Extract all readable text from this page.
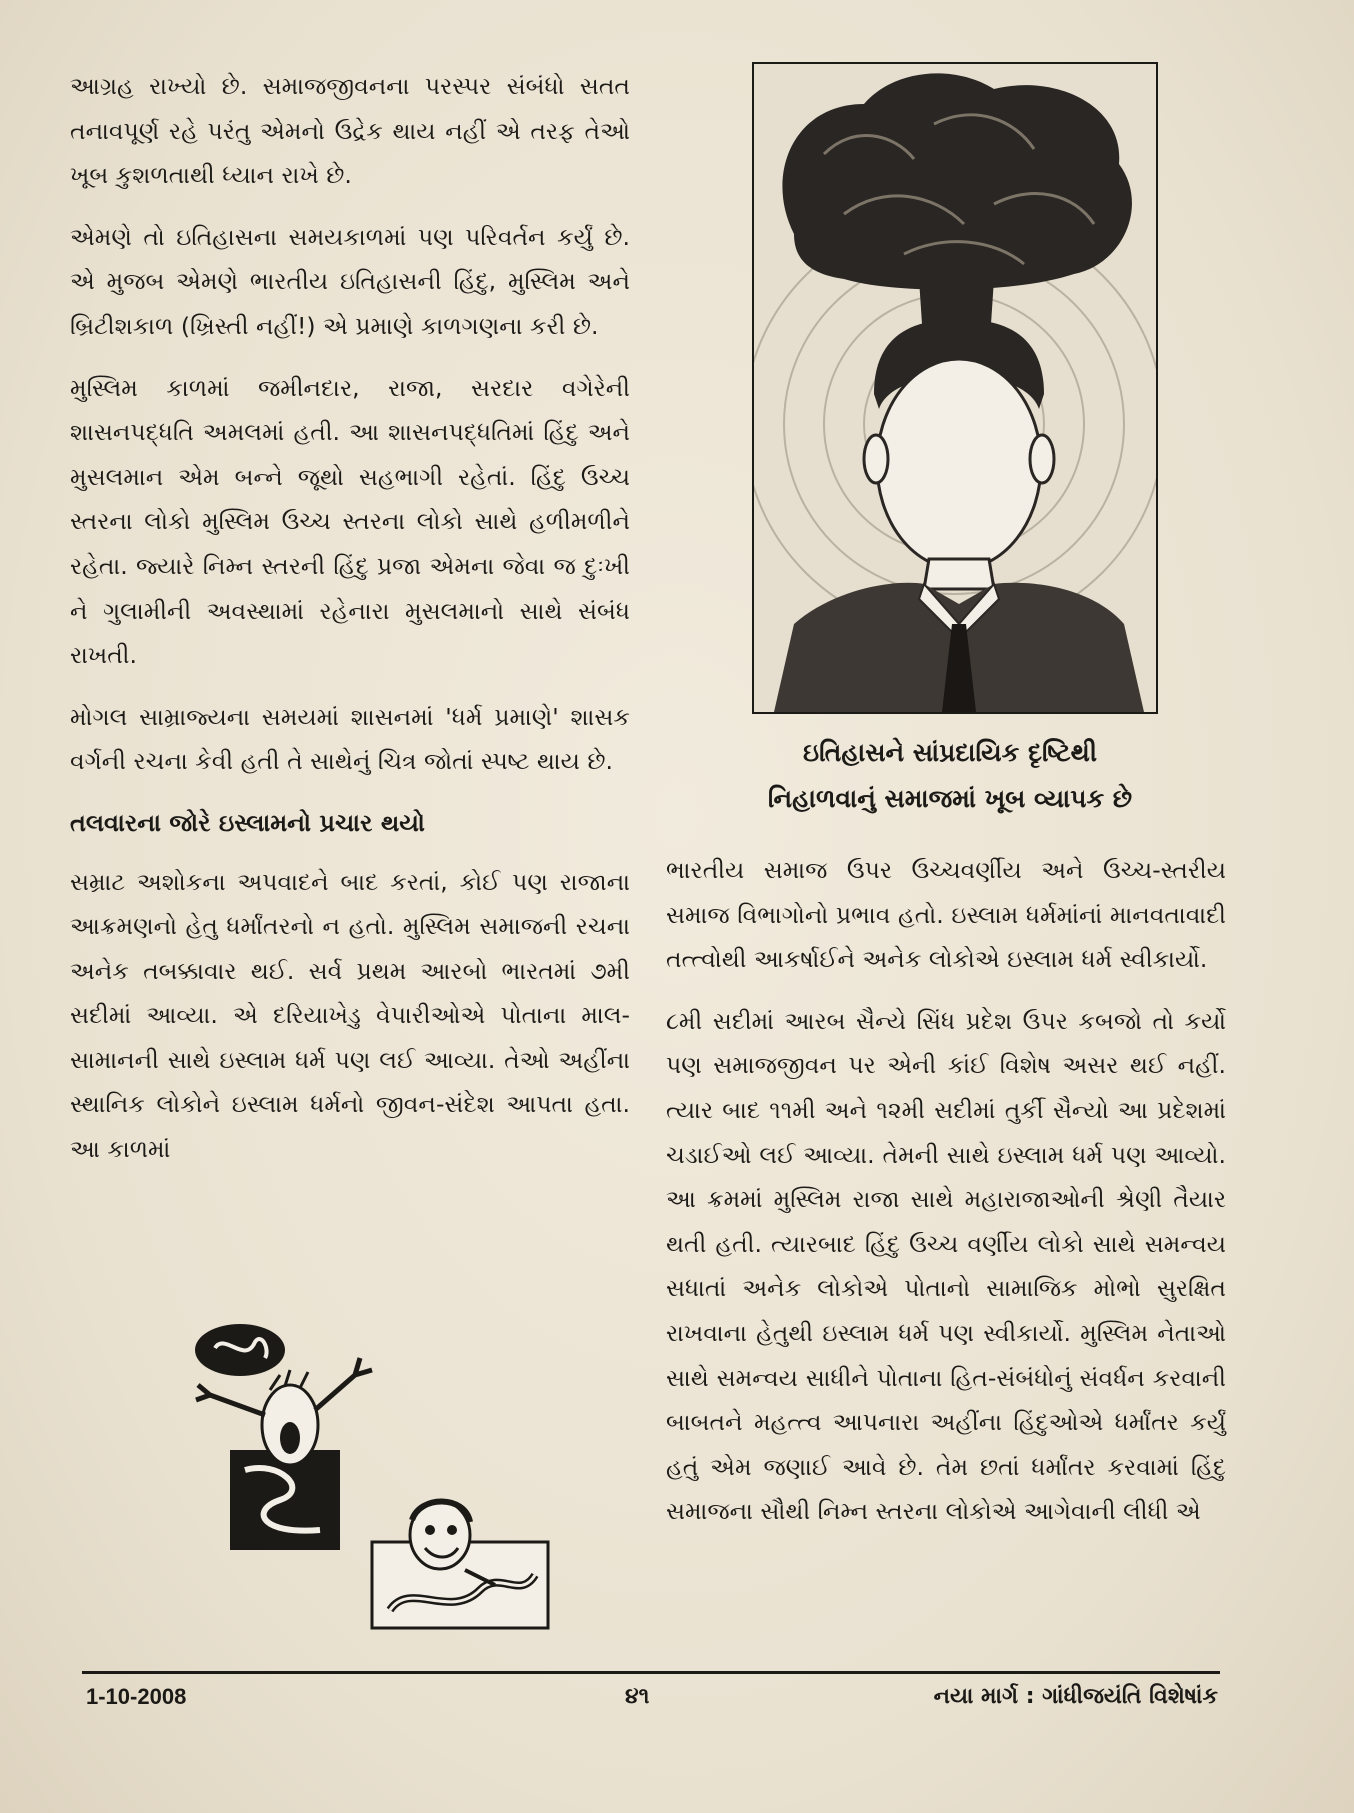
આગ્રહ રાખ્યો છે. સમાજજીવનના પરસ્પર સંબંધો સતત તનાવપૂર્ણ રહે પરંતુ એમનો ઉદ્રેક થાય નહીં એ તરફ તેઓ ખૂબ કુશળતાથી ધ્યાન રાખે છે.

એમણે તો ઇતિહાસના સમયકાળમાં પણ પરિવર્તન કર્યું છે. એ મુજબ એમણે ભારતીય ઇતિહાસની હિંદુ, મુસ્લિમ અને બ્રિટીશકાળ (ખ્રિસ્તી નહીં!) એ પ્રમાણે કાળગણના કરી છે.

મુસ્લિમ કાળમાં જમીનદાર, રાજા, સરદાર વગેરેની શાસનપદ્ધતિ અમલમાં હતી. આ શાસનપદ્ધતિમાં હિંદુ અને મુસલમાન એમ બન્ને જૂથો સહભાગી રહેતાં. હિંદુ ઉચ્ચ સ્તરના લોકો મુસ્લિમ ઉચ્ચ સ્તરના લોકો સાથે હળીમળીને રહેતા. જ્યારે નિમ્ન સ્તરની હિંદુ પ્રજા એમના જેવા જ દુઃખી ને ગુલામીની અવસ્થામાં રહેનારા મુસલમાનો સાથે સંબંધ રાખતી.

મોગલ સામ્રાજ્યના સમયમાં શાસનમાં 'ધર્મ પ્રમાણે' શાસક વર્ગની રચના કેવી હતી તે સાથેનું ચિત્ર જોતાં સ્પષ્ટ થાય છે.

તલવારના જોરે ઇસ્લામનો પ્રચાર થયો

સમ્રાટ અશોકના અપવાદને બાદ કરતાં, કોઈ પણ રાજાના આક્રમણનો હેતુ ધર્માંતરનો ન હતો. મુસ્લિમ સમાજની રચના અનેક તબક્કાવાર થઈ. સર્વ પ્રથમ આરબો ભારતમાં ૭મી સદીમાં આવ્યા. એ દરિયાખેડુ વેપારીઓએ પોતાના માલ-સામાનની સાથે ઇસ્લામ ધર્મ પણ લઈ આવ્યા. તેઓ અહીંના સ્થાનિક લોકોને ઇસ્લામ ધર્મનો જીવન-સંદેશ આપતા હતા. આ કાળમાં

ઇતિહાસને સાંપ્રદાયિક દૃષ્ટિથી
નિહાળવાનું સમાજમાં ખૂબ વ્યાપક છે

ભારતીય સમાજ ઉપર ઉચ્ચવર્ણીય અને ઉચ્ચ-સ્તરીય સમાજ વિભાગોનો પ્રભાવ હતો. ઇસ્લામ ધર્મમાંનાં માનવતાવાદી તત્ત્વોથી આકર્ષાઈને અનેક લોકોએ ઇસ્લામ ધર્મ સ્વીકાર્યો.

૮મી સદીમાં આરબ સૈન્યે સિંધ પ્રદેશ ઉપર કબજો તો કર્યો પણ સમાજજીવન પર એની કાંઈ વિશેષ અસર થઈ નહીં. ત્યાર બાદ ૧૧મી અને ૧૨મી સદીમાં તુર્કી સૈન્યો આ પ્રદેશમાં ચડાઈઓ લઈ આવ્યા. તેમની સાથે ઇસ્લામ ધર્મ પણ આવ્યો. આ ક્રમમાં મુસ્લિમ રાજા સાથે મહારાજાઓની શ્રેણી તૈયાર થતી હતી. ત્યારબાદ હિંદુ ઉચ્ચ વર્ણીય લોકો સાથે સમન્વય સધાતાં અનેક લોકોએ પોતાનો સામાજિક મોભો સુરક્ષિત રાખવાના હેતુથી ઇસ્લામ ધર્મ પણ સ્વીકાર્યો. મુસ્લિમ નેતાઓ સાથે સમન્વય સાધીને પોતાના હિત-સંબંધોનું સંવર્ધન કરવાની બાબતને મહત્ત્વ આપનારા અહીંના હિંદુઓએ ધર્માંતર કર્યું હતું એમ જણાઈ આવે છે. તેમ છતાં ધર્માંતર કરવામાં હિંદુ સમાજના સૌથી નિમ્ન સ્તરના લોકોએ આગેવાની લીધી એ

1-10-2008	૪૧	નયા માર્ગ : ગાંધીજયંતિ વિશેષાંક
